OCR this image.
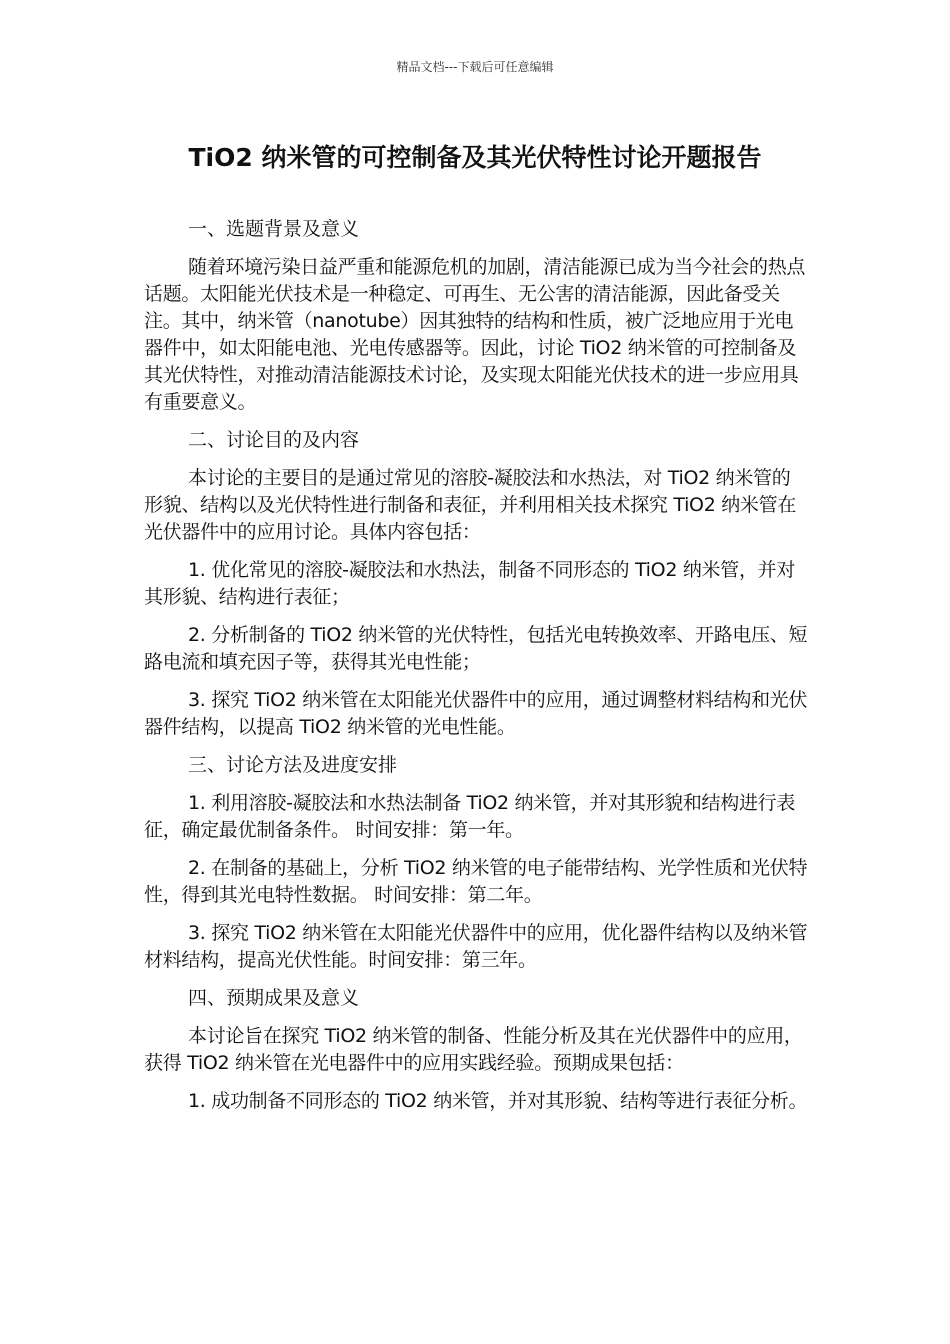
精品文档---下载后可任意编辑
TiO2 纳米管的可控制备及其光伏特性讨论开题报告

一、选题背景及意义

随着环境污染日益严重和能源危机的加剧，清洁能源已成为当今社会的热点话题。太阳能光伏技术是一种稳定、可再生、无公害的清洁能源，因此备受关注。其中，纳米管（nanotube）因其独特的结构和性质，被广泛地应用于光电器件中，如太阳能电池、光电传感器等。因此，讨论 TiO2 纳米管的可控制备及其光伏特性，对推动清洁能源技术讨论，及实现太阳能光伏技术的进一步应用具有重要意义。

二、讨论目的及内容

本讨论的主要目的是通过常见的溶胶-凝胶法和水热法，对 TiO2 纳米管的形貌、结构以及光伏特性进行制备和表征，并利用相关技术探究 TiO2 纳米管在光伏器件中的应用讨论。具体内容包括：

1. 优化常见的溶胶-凝胶法和水热法，制备不同形态的 TiO2 纳米管，并对其形貌、结构进行表征；

2. 分析制备的 TiO2 纳米管的光伏特性，包括光电转换效率、开路电压、短路电流和填充因子等，获得其光电性能；

3. 探究 TiO2 纳米管在太阳能光伏器件中的应用，通过调整材料结构和光伏器件结构，以提高 TiO2 纳米管的光电性能。

三、讨论方法及进度安排

1. 利用溶胶-凝胶法和水热法制备 TiO2 纳米管，并对其形貌和结构进行表征，确定最优制备条件。 时间安排：第一年。

2. 在制备的基础上，分析 TiO2 纳米管的电子能带结构、光学性质和光伏特性，得到其光电特性数据。 时间安排：第二年。

3. 探究 TiO2 纳米管在太阳能光伏器件中的应用，优化器件结构以及纳米管材料结构，提高光伏性能。时间安排：第三年。

四、预期成果及意义

本讨论旨在探究 TiO2 纳米管的制备、性能分析及其在光伏器件中的应用，获得 TiO2 纳米管在光电器件中的应用实践经验。预期成果包括：

1. 成功制备不同形态的 TiO2 纳米管，并对其形貌、结构等进行表征分析。
